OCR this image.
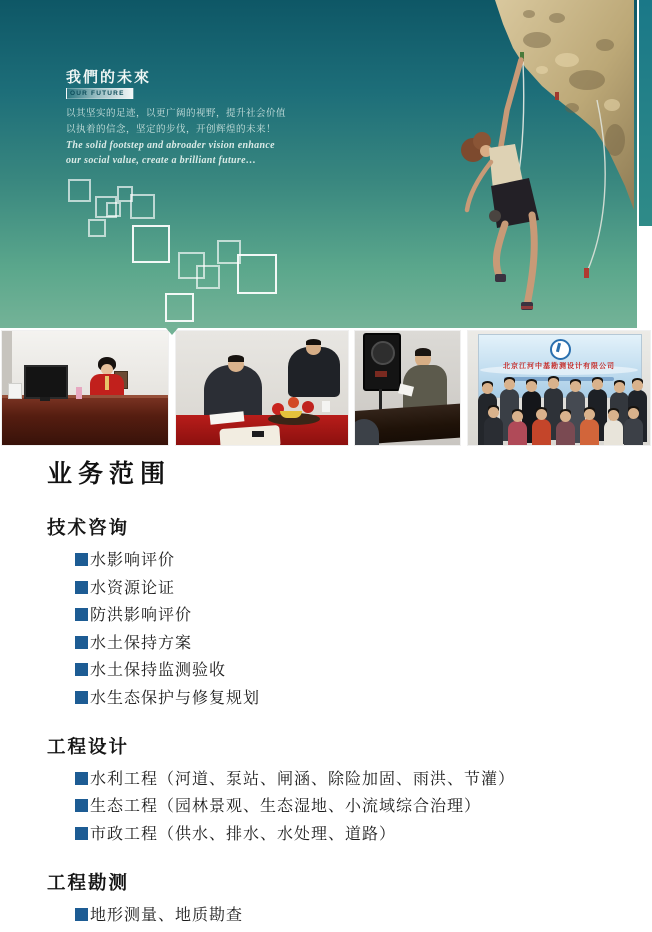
我們的未來
OUR FUTURE
以其坚实的足迹，以更广阔的视野，提升社会价值
以执着的信念，坚定的步伐，开创辉煌的未来！
The solid footstep and abroader vision enhance
our social value, create a brilliant future…
北京江河中基勘测设计有限公司
业务范围
技术咨询
水影响评价
水资源论证
防洪影响评价
水土保持方案
水土保持监测验收
水生态保护与修复规划
工程设计
水利工程（河道、泵站、闸涵、除险加固、雨洪、节灌）
生态工程（园林景观、生态湿地、小流域综合治理）
市政工程（供水、排水、水处理、道路）
工程勘测
地形测量、地质勘查
